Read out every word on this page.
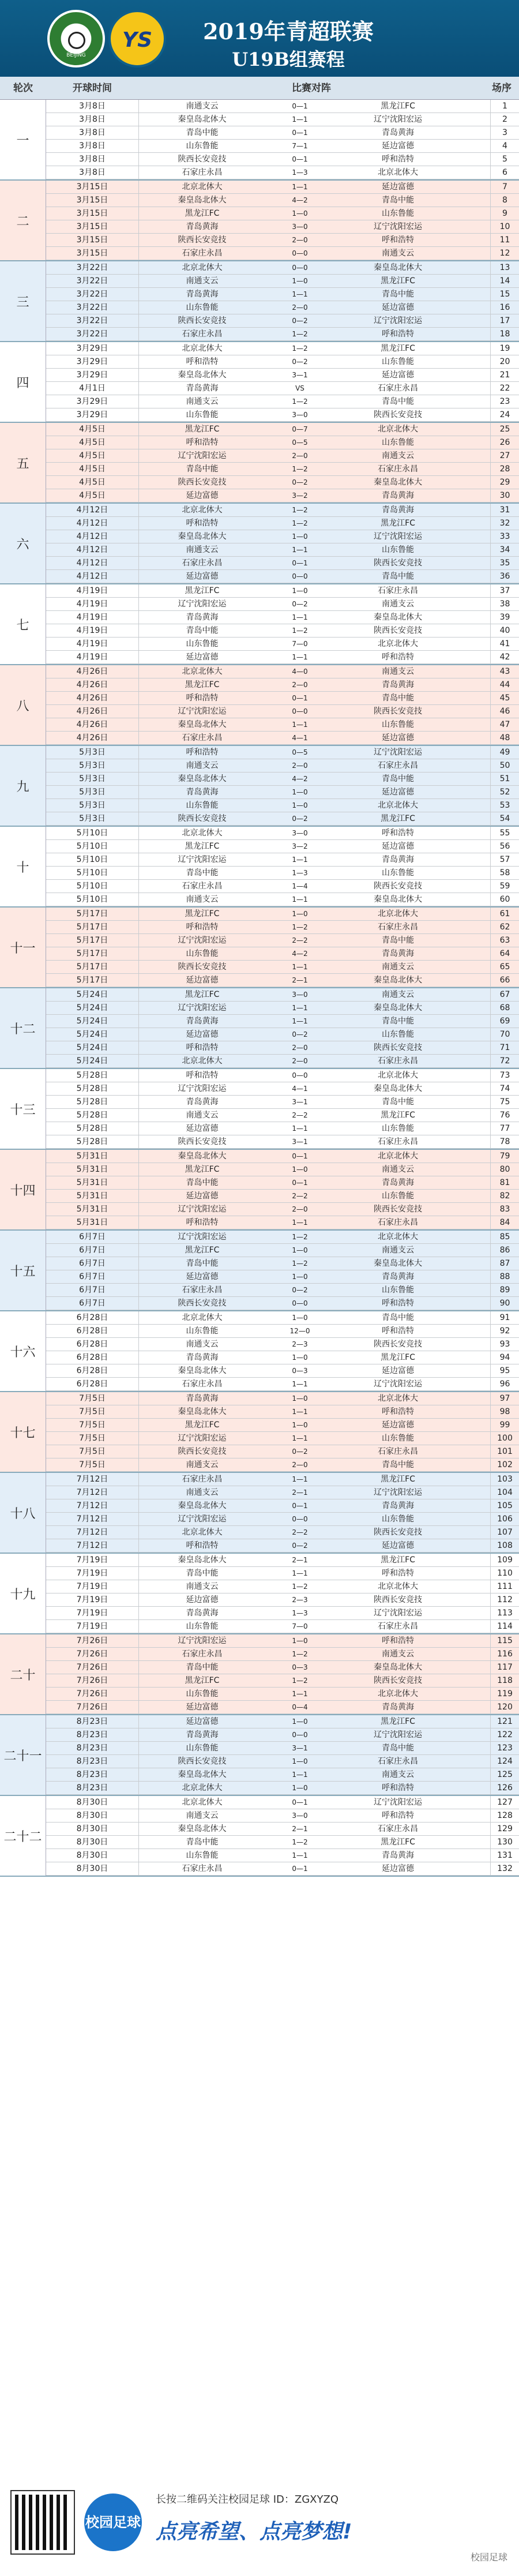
BEIJING
YS	2019年青超联赛
U19B组赛程
轮次	开球时间	比赛对阵	场序
一
3月8日	南通支云	0—1	黑龙江FC	1
3月8日	秦皇岛北体大	1—1	辽宁沈阳宏运	2
3月8日	青岛中能	0—1	青岛黄海	3
3月8日	山东鲁能	7—1	延边富德	4
3月8日	陕西长安竞技	0—1	呼和浩特	5
3月8日	石家庄永昌	1—3	北京北体大	6
二
3月15日	北京北体大	1—1	延边富德	7
3月15日	秦皇岛北体大	4—2	青岛中能	8
3月15日	黑龙江FC	1—0	山东鲁能	9
3月15日	青岛黄海	3—0	辽宁沈阳宏运	10
3月15日	陕西长安竞技	2—0	呼和浩特	11
3月15日	石家庄永昌	0—0	南通支云	12
三
3月22日	北京北体大	0—0	秦皇岛北体大	13
3月22日	南通支云	1—0	黑龙江FC	14
3月22日	青岛黄海	1—1	青岛中能	15
3月22日	山东鲁能	2—0	延边富德	16
3月22日	陕西长安竞技	0—2	辽宁沈阳宏运	17
3月22日	石家庄永昌	1—2	呼和浩特	18
四
3月29日	北京北体大	1—2	黑龙江FC	19
3月29日	呼和浩特	0—2	山东鲁能	20
3月29日	秦皇岛北体大	3—1	延边富德	21
4月1日	青岛黄海	VS	石家庄永昌	22
3月29日	南通支云	1—2	青岛中能	23
3月29日	山东鲁能	3—0	陕西长安竞技	24
五
4月5日	黑龙江FC	0—7	北京北体大	25
4月5日	呼和浩特	0—5	山东鲁能	26
4月5日	辽宁沈阳宏运	2—0	南通支云	27
4月5日	青岛中能	1—2	石家庄永昌	28
4月5日	陕西长安竞技	0—2	秦皇岛北体大	29
4月5日	延边富德	3—2	青岛黄海	30
六
4月12日	北京北体大	1—2	青岛黄海	31
4月12日	呼和浩特	1—2	黑龙江FC	32
4月12日	秦皇岛北体大	1—0	辽宁沈阳宏运	33
4月12日	南通支云	1—1	山东鲁能	34
4月12日	石家庄永昌	0—1	陕西长安竞技	35
4月12日	延边富德	0—0	青岛中能	36
七
4月19日	黑龙江FC	1—0	石家庄永昌	37
4月19日	辽宁沈阳宏运	0—2	南通支云	38
4月19日	青岛黄海	1—1	秦皇岛北体大	39
4月19日	青岛中能	1—2	陕西长安竞技	40
4月19日	山东鲁能	7—0	北京北体大	41
4月19日	延边富德	1—1	呼和浩特	42
八
4月26日	北京北体大	4—0	南通支云	43
4月26日	黑龙江FC	2—0	青岛黄海	44
4月26日	呼和浩特	0—1	青岛中能	45
4月26日	辽宁沈阳宏运	0—0	陕西长安竞技	46
4月26日	秦皇岛北体大	1—1	山东鲁能	47
4月26日	石家庄永昌	4—1	延边富德	48
九
5月3日	呼和浩特	0—5	辽宁沈阳宏运	49
5月3日	南通支云	2—0	石家庄永昌	50
5月3日	秦皇岛北体大	4—2	青岛中能	51
5月3日	青岛黄海	1—0	延边富德	52
5月3日	山东鲁能	1—0	北京北体大	53
5月3日	陕西长安竞技	0—2	黑龙江FC	54
十
5月10日	北京北体大	3—0	呼和浩特	55
5月10日	黑龙江FC	3—2	延边富德	56
5月10日	辽宁沈阳宏运	1—1	青岛黄海	57
5月10日	青岛中能	1—3	山东鲁能	58
5月10日	石家庄永昌	1—4	陕西长安竞技	59
5月10日	南通支云	1—1	秦皇岛北体大	60
十一
5月17日	黑龙江FC	1—0	北京北体大	61
5月17日	呼和浩特	1—2	石家庄永昌	62
5月17日	辽宁沈阳宏运	2—2	青岛中能	63
5月17日	山东鲁能	4—2	青岛黄海	64
5月17日	陕西长安竞技	1—1	南通支云	65
5月17日	延边富德	2—1	秦皇岛北体大	66
十二
5月24日	黑龙江FC	3—0	南通支云	67
5月24日	辽宁沈阳宏运	1—1	秦皇岛北体大	68
5月24日	青岛黄海	1—1	青岛中能	69
5月24日	延边富德	0—2	山东鲁能	70
5月24日	呼和浩特	2—0	陕西长安竞技	71
5月24日	北京北体大	2—0	石家庄永昌	72
十三
5月28日	呼和浩特	0—0	北京北体大	73
5月28日	辽宁沈阳宏运	4—1	秦皇岛北体大	74
5月28日	青岛黄海	3—1	青岛中能	75
5月28日	南通支云	2—2	黑龙江FC	76
5月28日	延边富德	1—1	山东鲁能	77
5月28日	陕西长安竞技	3—1	石家庄永昌	78
十四
5月31日	秦皇岛北体大	0—1	北京北体大	79
5月31日	黑龙江FC	1—0	南通支云	80
5月31日	青岛中能	0—1	青岛黄海	81
5月31日	延边富德	2—2	山东鲁能	82
5月31日	辽宁沈阳宏运	2—0	陕西长安竞技	83
5月31日	呼和浩特	1—1	石家庄永昌	84
十五
6月7日	辽宁沈阳宏运	1—2	北京北体大	85
6月7日	黑龙江FC	1—0	南通支云	86
6月7日	青岛中能	1—2	秦皇岛北体大	87
6月7日	延边富德	1—0	青岛黄海	88
6月7日	石家庄永昌	0—2	山东鲁能	89
6月7日	陕西长安竞技	0—0	呼和浩特	90
十六
6月28日	北京北体大	1—0	青岛中能	91
6月28日	山东鲁能	12—0	呼和浩特	92
6月28日	南通支云	2—3	陕西长安竞技	93
6月28日	青岛黄海	1—0	黑龙江FC	94
6月28日	秦皇岛北体大	0—3	延边富德	95
6月28日	石家庄永昌	1—1	辽宁沈阳宏运	96
十七
7月5日	青岛黄海	1—0	北京北体大	97
7月5日	秦皇岛北体大	1—1	呼和浩特	98
7月5日	黑龙江FC	1—0	延边富德	99
7月5日	辽宁沈阳宏运	1—1	山东鲁能	100
7月5日	陕西长安竞技	0—2	石家庄永昌	101
7月5日	南通支云	2—0	青岛中能	102
十八
7月12日	石家庄永昌	1—1	黑龙江FC	103
7月12日	南通支云	2—1	辽宁沈阳宏运	104
7月12日	秦皇岛北体大	0—1	青岛黄海	105
7月12日	辽宁沈阳宏运	0—0	山东鲁能	106
7月12日	北京北体大	2—2	陕西长安竞技	107
7月12日	呼和浩特	0—2	延边富德	108
十九
7月19日	秦皇岛北体大	2—1	黑龙江FC	109
7月19日	青岛中能	1—1	呼和浩特	110
7月19日	南通支云	1—2	北京北体大	111
7月19日	延边富德	2—3	陕西长安竞技	112
7月19日	青岛黄海	1—3	辽宁沈阳宏运	113
7月19日	山东鲁能	7—0	石家庄永昌	114
二十
7月26日	辽宁沈阳宏运	1—0	呼和浩特	115
7月26日	石家庄永昌	1—2	南通支云	116
7月26日	青岛中能	0—3	秦皇岛北体大	117
7月26日	黑龙江FC	1—2	陕西长安竞技	118
7月26日	山东鲁能	1—1	北京北体大	119
7月26日	延边富德	0—4	青岛黄海	120
二十一
8月23日	延边富德	1—0	黑龙江FC	121
8月23日	青岛黄海	0—0	辽宁沈阳宏运	122
8月23日	山东鲁能	3—1	青岛中能	123
8月23日	陕西长安竞技	1—0	石家庄永昌	124
8月23日	秦皇岛北体大	1—1	南通支云	125
8月23日	北京北体大	1—0	呼和浩特	126
二十二
8月30日	北京北体大	0—1	辽宁沈阳宏运	127
8月30日	南通支云	3—0	呼和浩特	128
8月30日	秦皇岛北体大	2—1	石家庄永昌	129
8月30日	青岛中能	1—2	黑龙江FC	130
8月30日	山东鲁能	1—1	青岛黄海	131
8月30日	石家庄永昌	0—1	延边富德	132
校园足球
长按二维码关注校园足球 ID：ZGXYZQ
点亮希望、点亮梦想!
校园足球
